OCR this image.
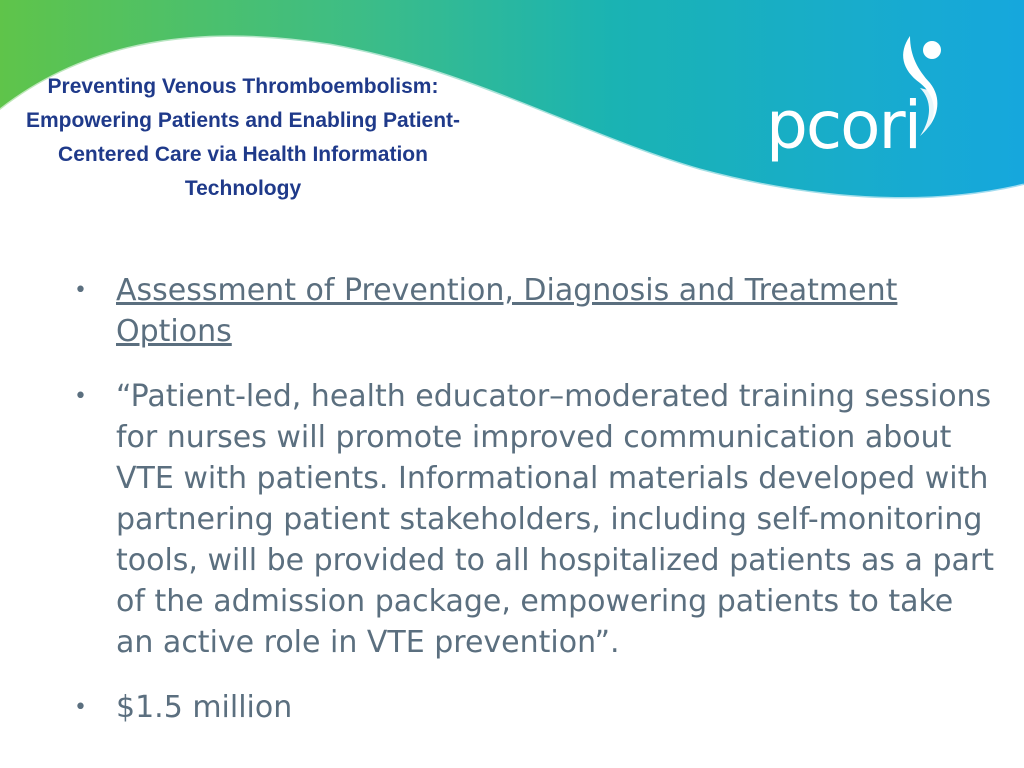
Preventing Venous Thromboembolism: Empowering Patients and Enabling Patient-Centered Care via Health Information Technology
pcori
• Assessment of Prevention, Diagnosis and Treatment Options
• “Patient-led, health educator–moderated training sessions for nurses will promote improved communication about VTE with patients. Informational materials developed with partnering patient stakeholders, including self-monitoring tools, will be provided to all hospitalized patients as a part of the admission package, empowering patients to take an active role in VTE prevention”.
• $1.5 million
